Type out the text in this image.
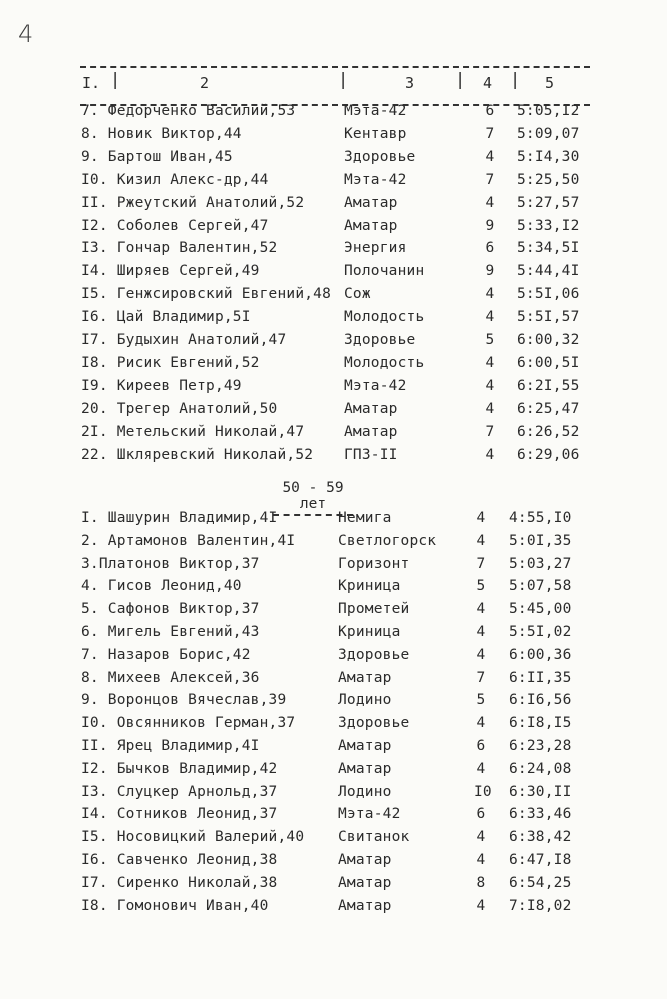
4
I. |	2	|	3 | 4 | 5
7. Федорченко Василий,53	Мэта-42	6 5:05,I2
8. Новик Виктор,44	Кентавр	7 5:09,07
9. Бартош Иван,45	Здоровье	4 5:I4,30
I0. Кизил Алекс-др,44	Мэта-42	7 5:25,50
II. Ржеутский Анатолий,52	Аматар	4 5:27,57
I2. Соболев Сергей,47	Аматар	9 5:33,I2
I3. Гончар Валентин,52	Энергия	6 5:34,5I
I4. Ширяев Сергей,49	Полочанин	9 5:44,4I
I5. Генжсировский Евгений,48 Сож	4 5:5I,06
I6. Цай Владимир,5I	Молодость	4 5:5I,57
I7. Будыхин Анатолий,47	Здоровье	5 6:00,32
I8. Рисик Евгений,52	Молодость	4 6:00,5I
I9. Киреев Петр,49	Мэта-42	4 6:2I,55
20. Трегер Анатолий,50	Аматар	4 6:25,47
2I. Метельский Николай,47	Аматар	7 6:26,52
22. Шклярeвский Николай,52 ГПЗ-II	4 6:29,06
50 - 59 лет
I. Шашурин Владимир,4I	Немига	4 4:55,I0
2. Артамонов Валентин,4I	Светлогорск	4 5:0I,35
3.Платонов Виктор,37	Горизонт	7 5:03,27
4. Гисов Леонид,40	Криница	5 5:07,58
5. Сафонов Виктор,37	Прометей	4 5:45,00
6. Мигель Евгений,43	Криница	4 5:5I,02
7. Назаров Борис,42	Здоровье	4 6:00,36
8. Михеев Алексей,36	Аматар	7 6:II,35
9. Воронцов Вячеслав,39	Лодино	5 6:I6,56
I0. Овсянников Герман,37	Здоровье	4 6:I8,I5
II. Ярец Владимир,4I	Аматар	6 6:23,28
I2. Бычков Владимир,42	Аматар	4 6:24,08
I3. Слуцкер Арнольд,37	Лодино	I0 6:30,II
I4. Сотников Леонид,37	Мэта-42	6 6:33,46
I5. Носовицкий Валерий,40 Свитанок	4 6:38,42
I6. Савченко Леонид,38	Аматар	4 6:47,I8
I7. Сиренко Николай,38	Аматар	8 6:54,25
I8. Гомонович Иван,40	Аматар	4 7:I8,02
